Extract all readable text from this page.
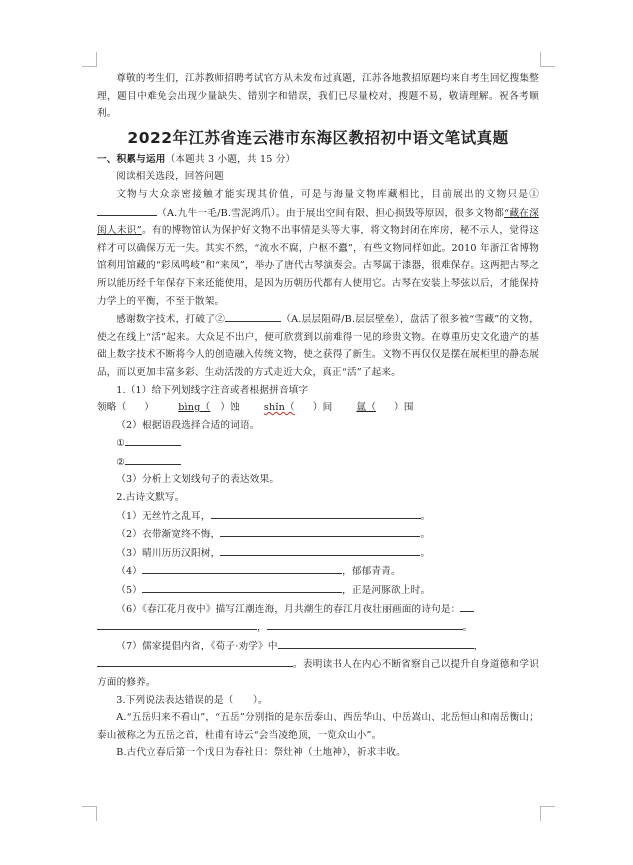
尊敬的考生们，江苏教师招聘考试官方从未发布过真题，江苏各地教招原题均来自考生回忆搜集整理，题目中难免会出现少量缺失、错别字和错误，我们已尽量校对，搜题不易，敬请理解。祝各考顺利。

2022年江苏省连云港市东海区教招初中语文笔试真题

一、积累与运用（本题共 3 小题，共 15 分）

阅读相关选段，回答问题

文物与大众亲密接触才能实现其价值，可是与海量文物库藏相比，目前展出的文物只是①（A.九牛一毛/B.雪泥鸿爪）。由于展出空间有限、担心损毁等原因，很多文物都“藏在深闺人未识”。有的博物馆认为保护好文物不出事情是头等大事，将文物封闭在库房，秘不示人，觉得这样才可以确保万无一失。其实不然，“流水不腐，户枢不蠹”，有些文物同样如此。2010 年浙江省博物馆利用馆藏的“彩凤鸣岐”和“来凤”，举办了唐代古琴演奏会。古琴属于漆器，很难保存。这两把古琴之所以能历经千年保存下来还能使用，是因为历朝历代都有人使用它。古琴在安装上琴弦以后，才能保持力学上的平衡，不至于散架。

感谢数字技术，打破了②	（A.层层阻碍/B.层层壁垒），盘活了很多被“雪藏”的文物，使之在线上“活”起来。大众足不出户，便可欣赏到以前难得一见的珍贵文物。在尊重历史文化遗产的基础上数字技术不断将今人的创造融入传统文物，使之获得了新生。文物不再仅仅是摆在展柜里的静态展品，而以更加丰富多彩、生动活泼的方式走近大众，真正“活”了起来。

1.（1）给下列划线字注音或者根据拼音填字

领略（ ）	bìng（ ）蚀	shǐn（ ）间	氲（ ）围

（2）根据语段选择合适的词语。

①

②

（3）分析上文划线句子的表达效果。

2.古诗文默写。

（1）无丝竹之乱耳，	。

（2）衣带渐宽终不悔，	。

（3）晴川历历汉阳树，	。

（4）	，郁郁青青。

（5）	，正是河豚欲上时。

（6）《春江花月夜中》描写江潮连海，月共潮生的春江月夜壮丽画面的诗句是：

，	。

（7）儒家提倡内省，《荀子·劝学》中	，

。表明读书人在内心不断省察自己以提升自身道德和学识方面的修养。

3.下列说法表达错误的是（　　）。

A.“五岳归来不看山”，“五岳”分别指的是东岳泰山、西岳华山、中岳嵩山、北岳恒山和南岳衡山；泰山被称之为五岳之首，杜甫有诗云“会当凌绝顶，一览众山小”。

B.古代立春后第一个戊日为春社日：祭灶神（土地神），祈求丰收。
